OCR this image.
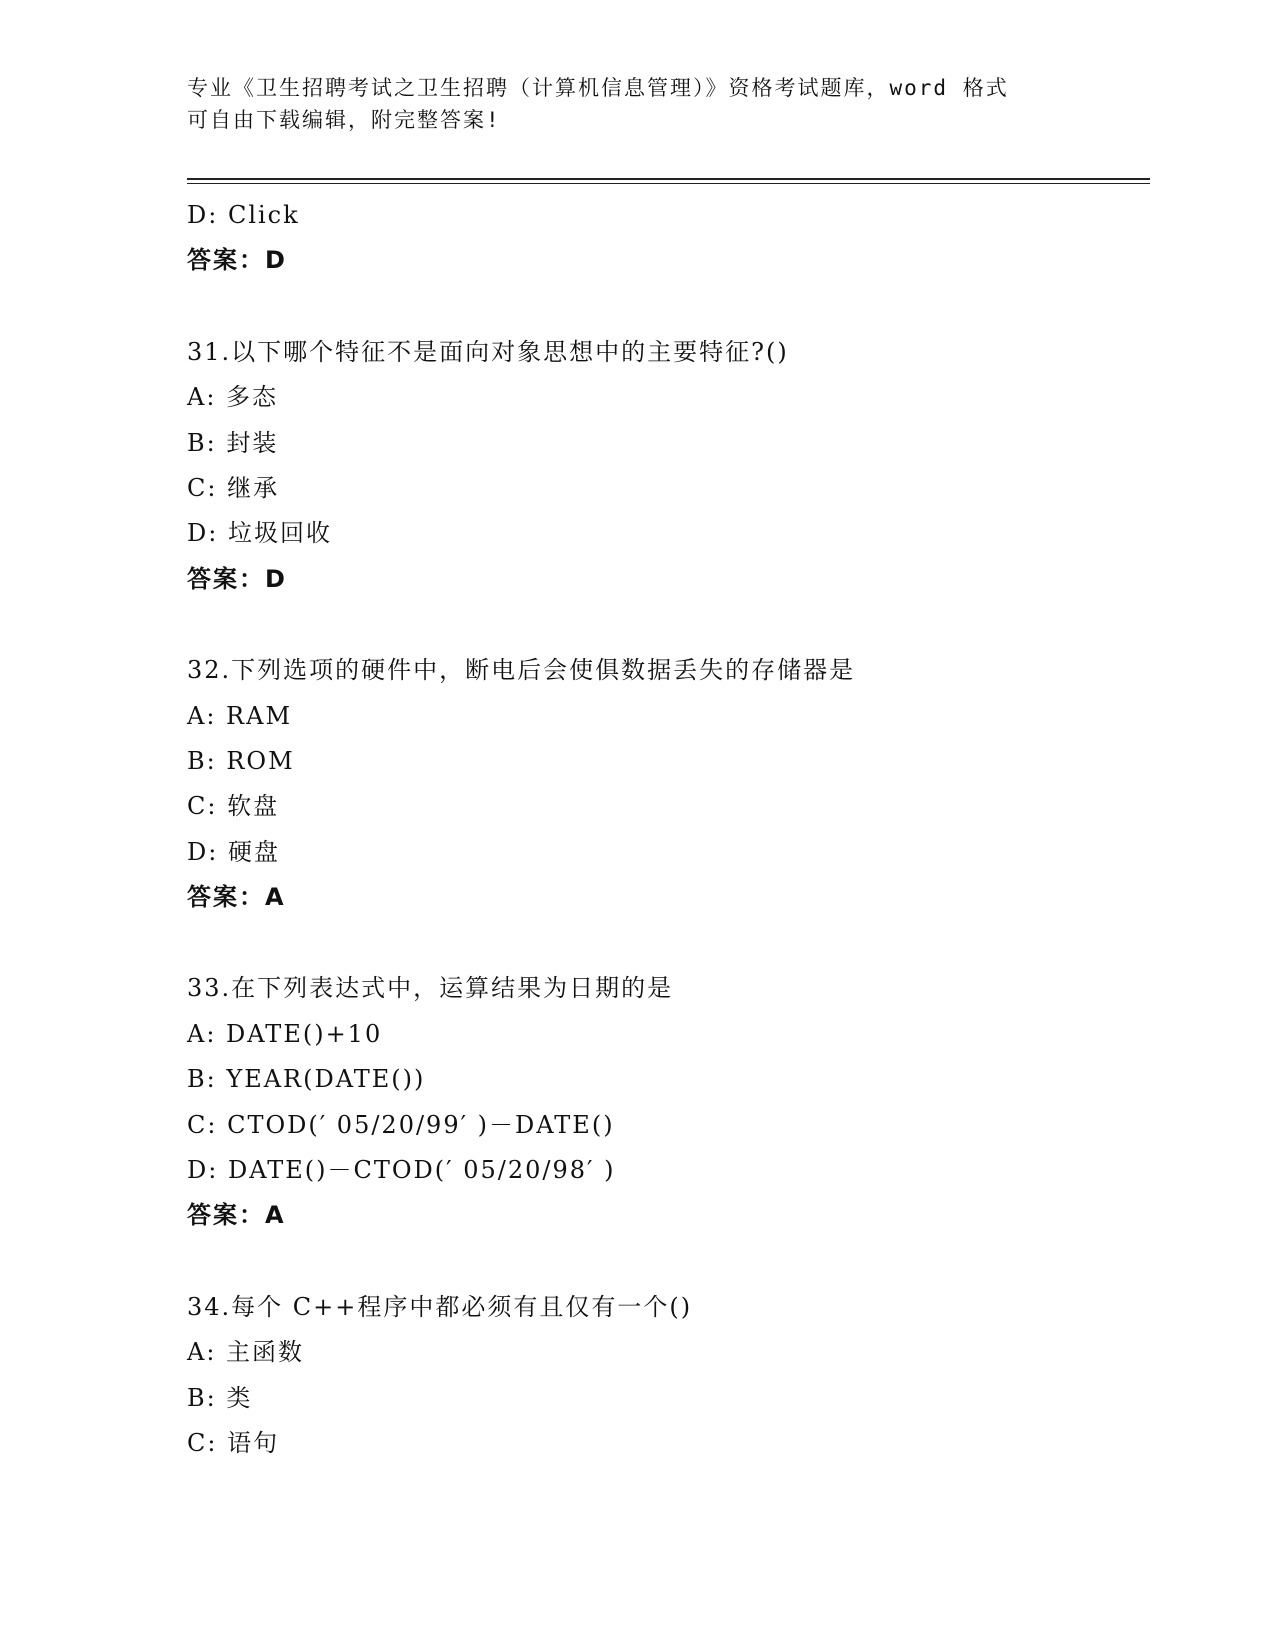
专业《卫生招聘考试之卫生招聘（计算机信息管理）》资格考试题库，word 格式
可自由下载编辑，附完整答案!
D: Click
答案：D
31.以下哪个特征不是面向对象思想中的主要特征?()
A: 多态
B: 封装
C: 继承
D: 垃圾回收
答案：D
32.下列选项的硬件中，断电后会使俱数据丢失的存储器是
A: RAM
B: ROM
C: 软盘
D: 硬盘
答案：A
33.在下列表达式中，运算结果为日期的是
A: DATE()+10
B: YEAR(DATE())
C: CTOD(′ 05/20/99′ )－DATE()
D: DATE()－CTOD(′ 05/20/98′ )
答案：A
34.每个 C++程序中都必须有且仅有一个()
A: 主函数
B: 类
C: 语句
